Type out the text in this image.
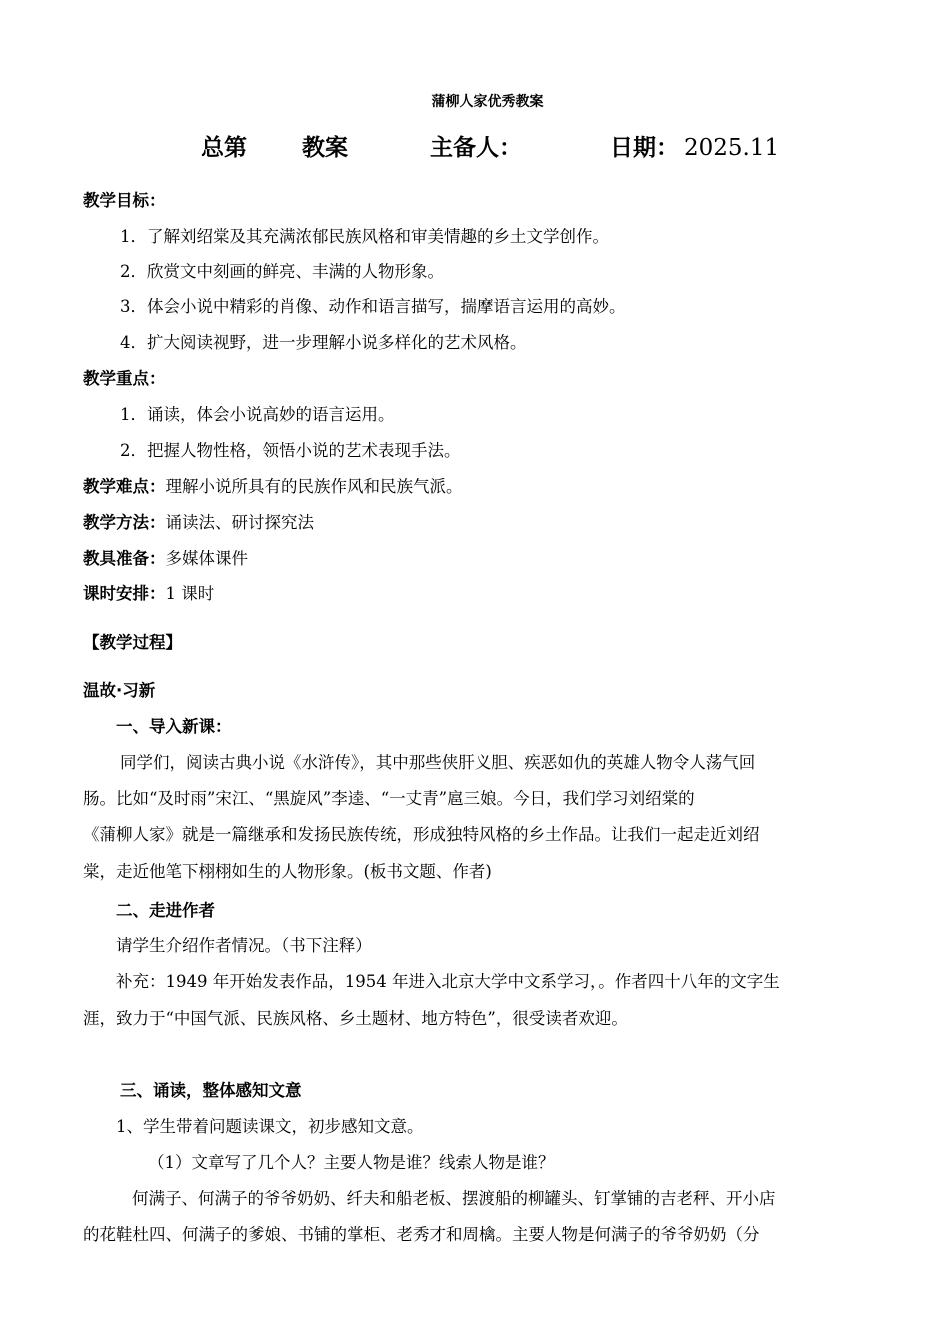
蒲柳人家优秀教案
总第 教案	主备人：	日期： 2025.11
教学目标：
1．了解刘绍棠及其充满浓郁民族风格和审美情趣的乡土文学创作。
2．欣赏文中刻画的鲜亮、丰满的人物形象。
3．体会小说中精彩的肖像、动作和语言描写，揣摩语言运用的高妙。
4．扩大阅读视野，进一步理解小说多样化的艺术风格。
教学重点：
1．诵读，体会小说高妙的语言运用。
2．把握人物性格，领悟小说的艺术表现手法。
教学难点：理解小说所具有的民族作风和民族气派。
教学方法：诵读法、研讨探究法
教具准备：多媒体课件
课时安排：1 课时
【教学过程】
温故·习新
一、导入新课：
同学们，阅读古典小说《水浒传》，其中那些侠肝义胆、疾恶如仇的英雄人物令人荡气回
肠。比如“及时雨”宋江、“黑旋风”李逵、“一丈青”扈三娘。今日，我们学习刘绍棠的
《蒲柳人家》就是一篇继承和发扬民族传统，形成独特风格的乡土作品。让我们一起走近刘绍
棠，走近他笔下栩栩如生的人物形象。(板书文题、作者)
二、走进作者
请学生介绍作者情况。（书下注释）
补充：1949 年开始发表作品，1954 年进入北京大学中文系学习，。作者四十八年的文字生
涯，致力于“中国气派、民族风格、乡土题材、地方特色”，很受读者欢迎。
三、诵读，整体感知文意
1、学生带着问题读课文，初步感知文意。
（1）文章写了几个人？主要人物是谁？线索人物是谁？
何满子、何满子的爷爷奶奶、纤夫和船老板、摆渡船的柳罐头、钉掌铺的吉老秤、开小店
的花鞋杜四、何满子的爹娘、书铺的掌柜、老秀才和周檎。主要人物是何满子的爷爷奶奶（分
